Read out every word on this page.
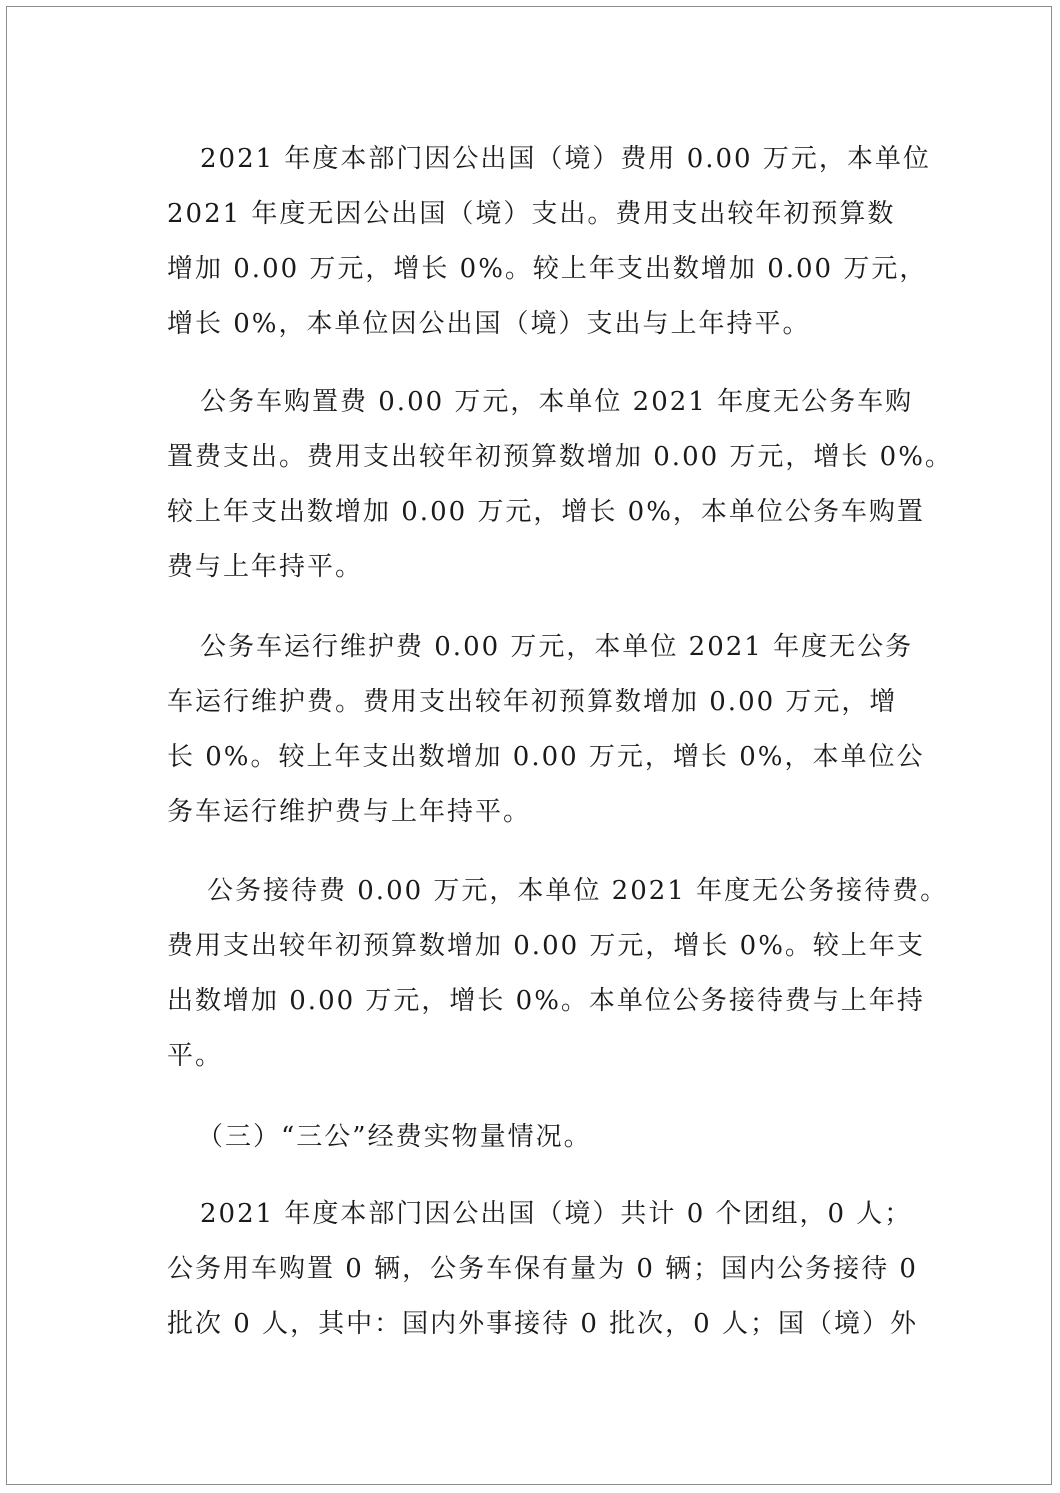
2021 年度本部门因公出国（境）费用 0.00 万元，本单位
2021 年度无因公出国（境）支出。费用支出较年初预算数
增加 0.00 万元，增长 0%。较上年支出数增加 0.00 万元，
增长 0%，本单位因公出国（境）支出与上年持平。
公务车购置费 0.00 万元，本单位 2021 年度无公务车购
置费支出。费用支出较年初预算数增加 0.00 万元，增长 0%。
较上年支出数增加 0.00 万元，增长 0%，本单位公务车购置
费与上年持平。
公务车运行维护费 0.00 万元，本单位 2021 年度无公务
车运行维护费。费用支出较年初预算数增加 0.00 万元，增
长 0%。较上年支出数增加 0.00 万元，增长 0%，本单位公
务车运行维护费与上年持平。
公务接待费 0.00 万元，本单位 2021 年度无公务接待费。
费用支出较年初预算数增加 0.00 万元，增长 0%。较上年支
出数增加 0.00 万元，增长 0%。本单位公务接待费与上年持
平。
（三）“三公”经费实物量情况。
2021 年度本部门因公出国（境）共计 0 个团组，0 人；
公务用车购置 0 辆，公务车保有量为 0 辆；国内公务接待 0
批次 0 人，其中：国内外事接待 0 批次，0 人；国（境）外
